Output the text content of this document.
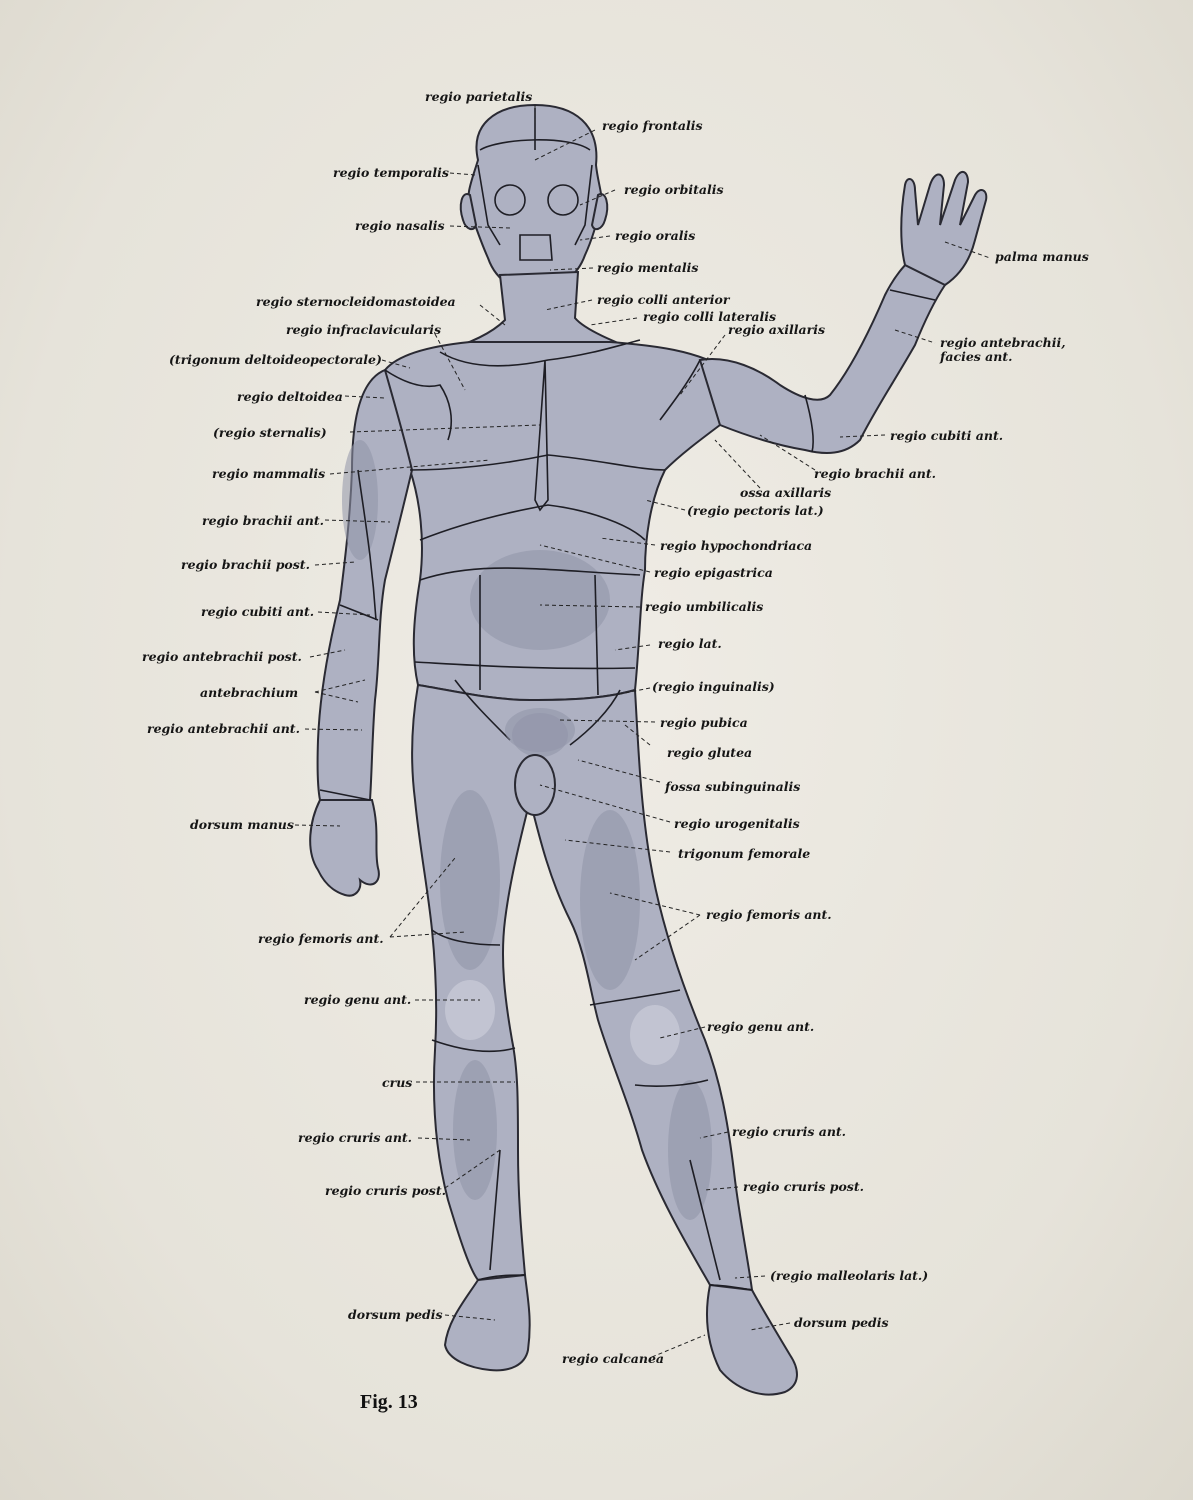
regio parietalis
regio frontalis
regio temporalis
regio orbitalis
regio nasalis
regio oralis
regio mentalis
palma manus
regio sternocleidomastoidea	regio colli anterior
regio colli lateralis
regio infraclavicularis	regio axillaris
regio antebrachii,
facies ant.
(trigonum deltoideopectorale)
regio deltoidea
(regio sternalis)	regio cubiti ant.
regio brachii ant.
ossa axillaris
regio mammalis
(regio pectoris lat.)
regio brachii ant.
regio hypochondriaca
regio brachii post.
regio epigastrica
regio cubiti ant.	regio umbilicalis
regio lat.
regio antebrachii post.
antebrachium	(regio inguinalis)
regio antebrachii ant.	regio pubica
regio glutea
fossa subinguinalis
dorsum manus	regio urogenitalis
trigonum femorale
regio femoris ant.
regio femoris ant.
regio genu ant.
regio genu ant.
crus
regio cruris ant.	regio cruris ant.
regio cruris post.	regio cruris post.
(regio malleolaris lat.)
dorsum pedis
dorsum pedis
regio calcanea
Fig. 13
